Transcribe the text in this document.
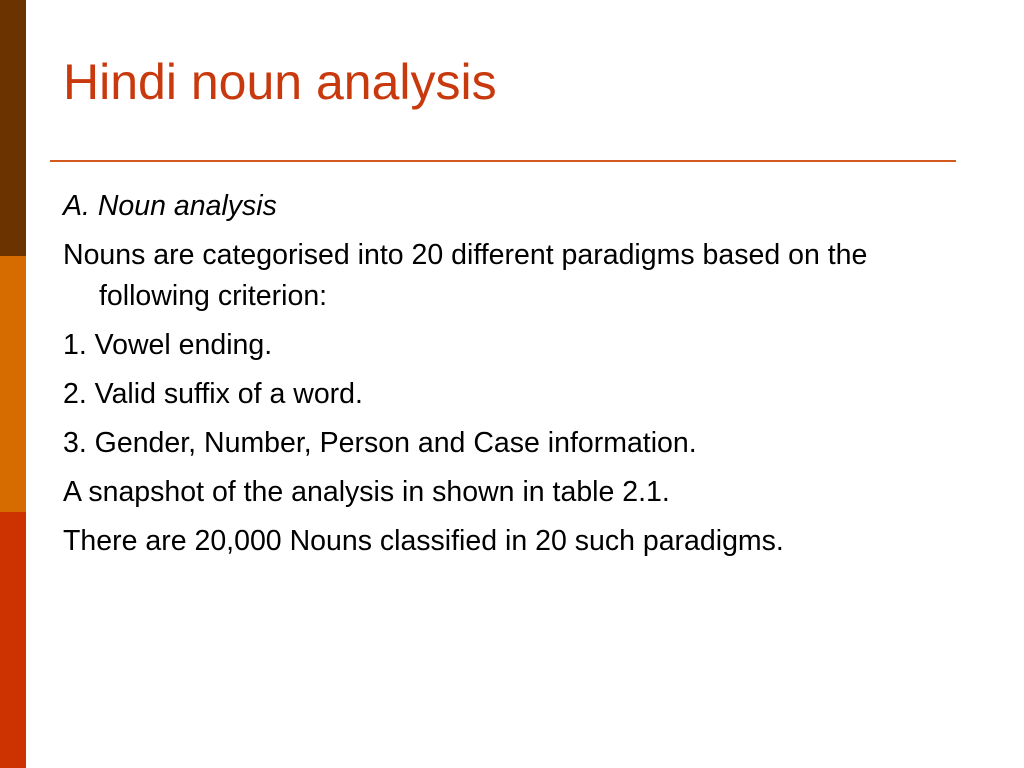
Hindi noun analysis
A. Noun analysis
Nouns are categorised into 20 different paradigms based on the following criterion:
1. Vowel ending.
2. Valid suffix of a word.
3. Gender, Number, Person and Case information.
A snapshot of the analysis in shown in table 2.1.
There are 20,000 Nouns classified in 20 such paradigms.
